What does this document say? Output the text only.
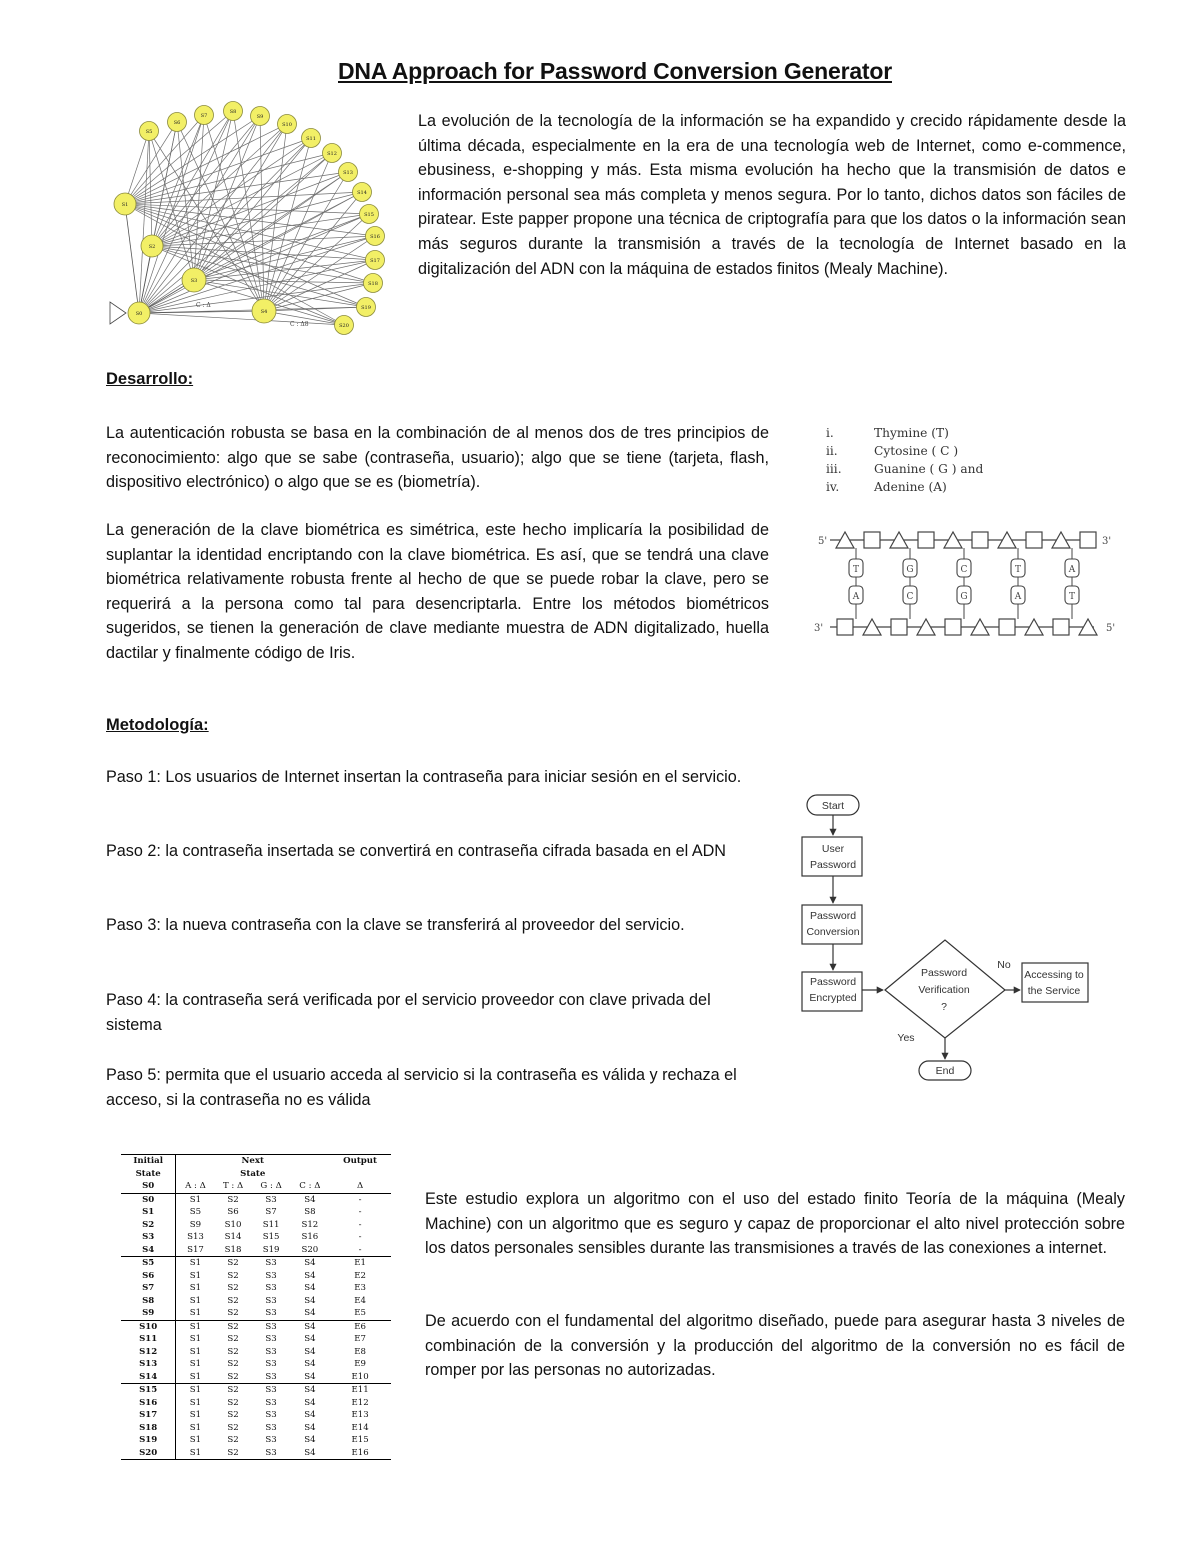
DNA Approach for Password Conversion Generator
C : Δ
C : Δ8
S0
S1
S2
S3
S4
S5
S6
S7
S8
S9
S10
S11
S12
S13
S14
S15
S16
S17
S18
S19
S20
La evolución de la tecnología de la información se ha expandido y crecido rápidamente desde la última década, especialmente en la era de una tecnología web de Internet, como e-commence, ebusiness, e-shopping y más. Esta misma evolución ha hecho que la transmisión de datos e información personal sea más completa y menos segura. Por lo tanto, dichos datos son fáciles de piratear. Este papper propone una técnica de criptografía para que los datos o la información sean más seguros durante la transmisión a través de la tecnología de Internet basado en la digitalización del ADN con la máquina de estados finitos (Mealy Machine).
Desarrollo:
La autenticación robusta se basa en la combinación de al menos dos de tres principios de reconocimiento: algo que se sabe (contraseña, usuario); algo que se tiene (tarjeta, flash, dispositivo electrónico) o algo que se es (biometría).
La generación de la clave biométrica es simétrica, este hecho implicaría la posibilidad de suplantar la identidad encriptando con la clave biométrica. Es así, que se tendrá una clave biométrica relativamente robusta frente al hecho de que se puede robar la clave, pero se requerirá a la persona como tal para desencriptarla. Entre los métodos biométricos sugeridos, se tienen la generación de clave mediante muestra de ADN digitalizado, huella dactilar y finalmente código de Iris.
i.	Thymine (T)
ii.	Cytosine ( C )
iii.	Guanine ( G ) and
iv.	Adenine (A)
5'	3'
3'	5'
T
A
G
C
C
G
T
A
A
T
Metodología:
Paso 1: Los usuarios de Internet insertan la contraseña para iniciar sesión en el servicio.
Paso 2: la contraseña insertada se convertirá en contraseña cifrada basada en el ADN
Paso 3: la nueva contraseña con la clave se transferirá al proveedor del servicio.
Paso 4: la contraseña será verificada por el servicio proveedor con clave privada del sistema
Paso 5: permita que el usuario acceda al servicio si la contraseña es válida y rechaza el acceso, si la contraseña no es válida
Start
User
Password
Password
Conversion
Password
Encrypted
Password
Verification
?
Accessing to
the Service
No
Yes
End
Initial	Next				Output
State	State				
S0	A : Δ	T : Δ	G : Δ	C : Δ	Δ
S0	S1	S2	S3	S4	-
S1	S5	S6	S7	S8	-
S2	S9	S10	S11	S12	-
S3	S13	S14	S15	S16	-
S4	S17	S18	S19	S20	-
S5	S1	S2	S3	S4	E1
S6	S1	S2	S3	S4	E2
S7	S1	S2	S3	S4	E3
S8	S1	S2	S3	S4	E4
S9	S1	S2	S3	S4	E5
S10	S1	S2	S3	S4	E6
S11	S1	S2	S3	S4	E7
S12	S1	S2	S3	S4	E8
S13	S1	S2	S3	S4	E9
S14	S1	S2	S3	S4	E10
S15	S1	S2	S3	S4	E11
S16	S1	S2	S3	S4	E12
S17	S1	S2	S3	S4	E13
S18	S1	S2	S3	S4	E14
S19	S1	S2	S3	S4	E15
S20	S1	S2	S3	S4	E16
Este estudio explora un algoritmo con el uso del estado finito Teoría de la máquina (Mealy Machine) con un algoritmo que es seguro y capaz de proporcionar el alto nivel protección sobre los datos personales sensibles durante las transmisiones a través de las conexiones a internet.
De acuerdo con el fundamental del algoritmo diseñado, puede para asegurar hasta 3 niveles de combinación de la conversión y la producción del algoritmo de la conversión no es fácil de romper por las personas no autorizadas.
